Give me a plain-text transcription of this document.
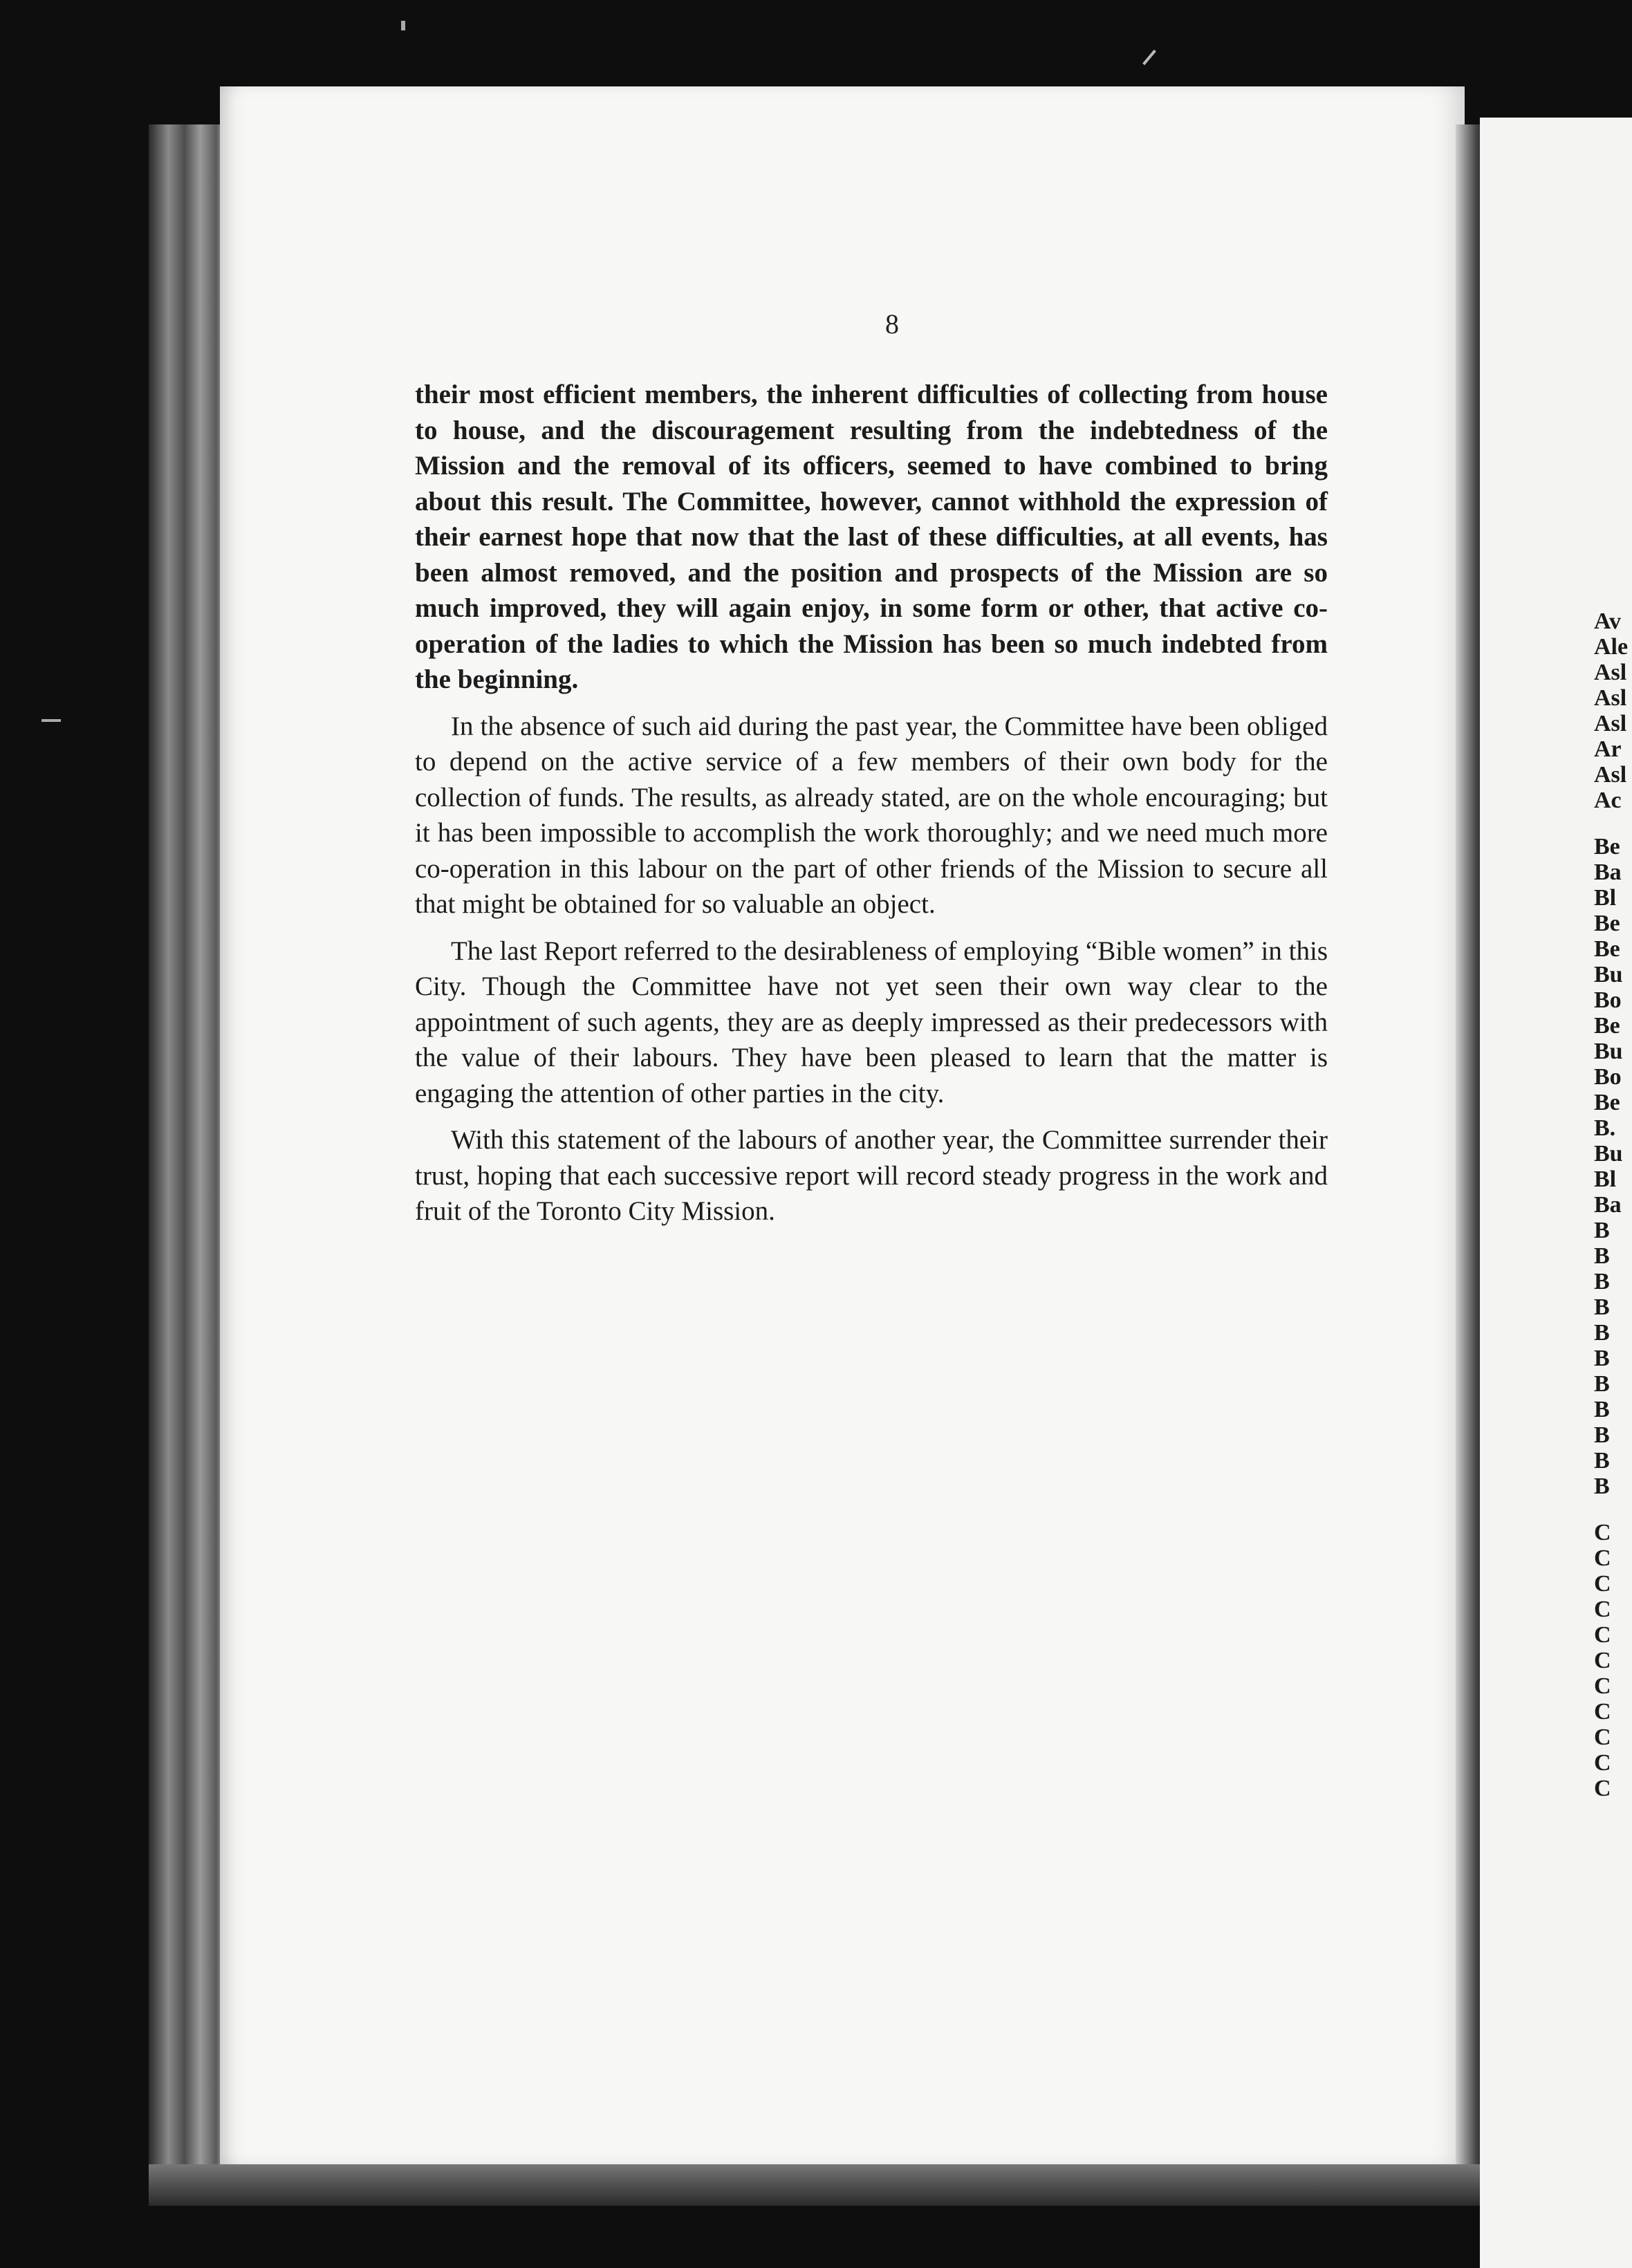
8

their most efficient members, the inherent difficulties of collecting from house to house, and the discouragement resulting from the indebtedness of the Mission and the removal of its officers, seemed to have combined to bring about this result. The Committee, however, cannot withhold the expression of their earnest hope that now that the last of these difficulties, at all events, has been almost removed, and the position and prospects of the Mission are so much improved, they will again enjoy, in some form or other, that active co-operation of the ladies to which the Mission has been so much indebted from the beginning.

In the absence of such aid during the past year, the Committee have been obliged to depend on the active service of a few members of their own body for the collection of funds. The results, as already stated, are on the whole encouraging; but it has been impossible to accomplish the work thoroughly; and we need much more co-operation in this labour on the part of other friends of the Mission to secure all that might be obtained for so valuable an object.

The last Report referred to the desirableness of employing “Bible women” in this City. Though the Committee have not yet seen their own way clear to the appointment of such agents, they are as deeply impressed as their predecessors with the value of their labours. They have been pleased to learn that the matter is engaging the attention of other parties in the city.

With this statement of the labours of another year, the Committee surrender their trust, hoping that each successive report will record steady progress in the work and fruit of the Toronto City Mission.

Av
Ale
Asl
Asl
Asl
Ar
Asl
Ac
Be
Ba
Bl
Be
Be
Bu
Bo
Be
Bu
Bo
Be
B.
Bu
Bl
Ba
B
B
B
B
B
B
B
B
B
B
B
C
C
C
C
C
C
C
C
C
C
C
